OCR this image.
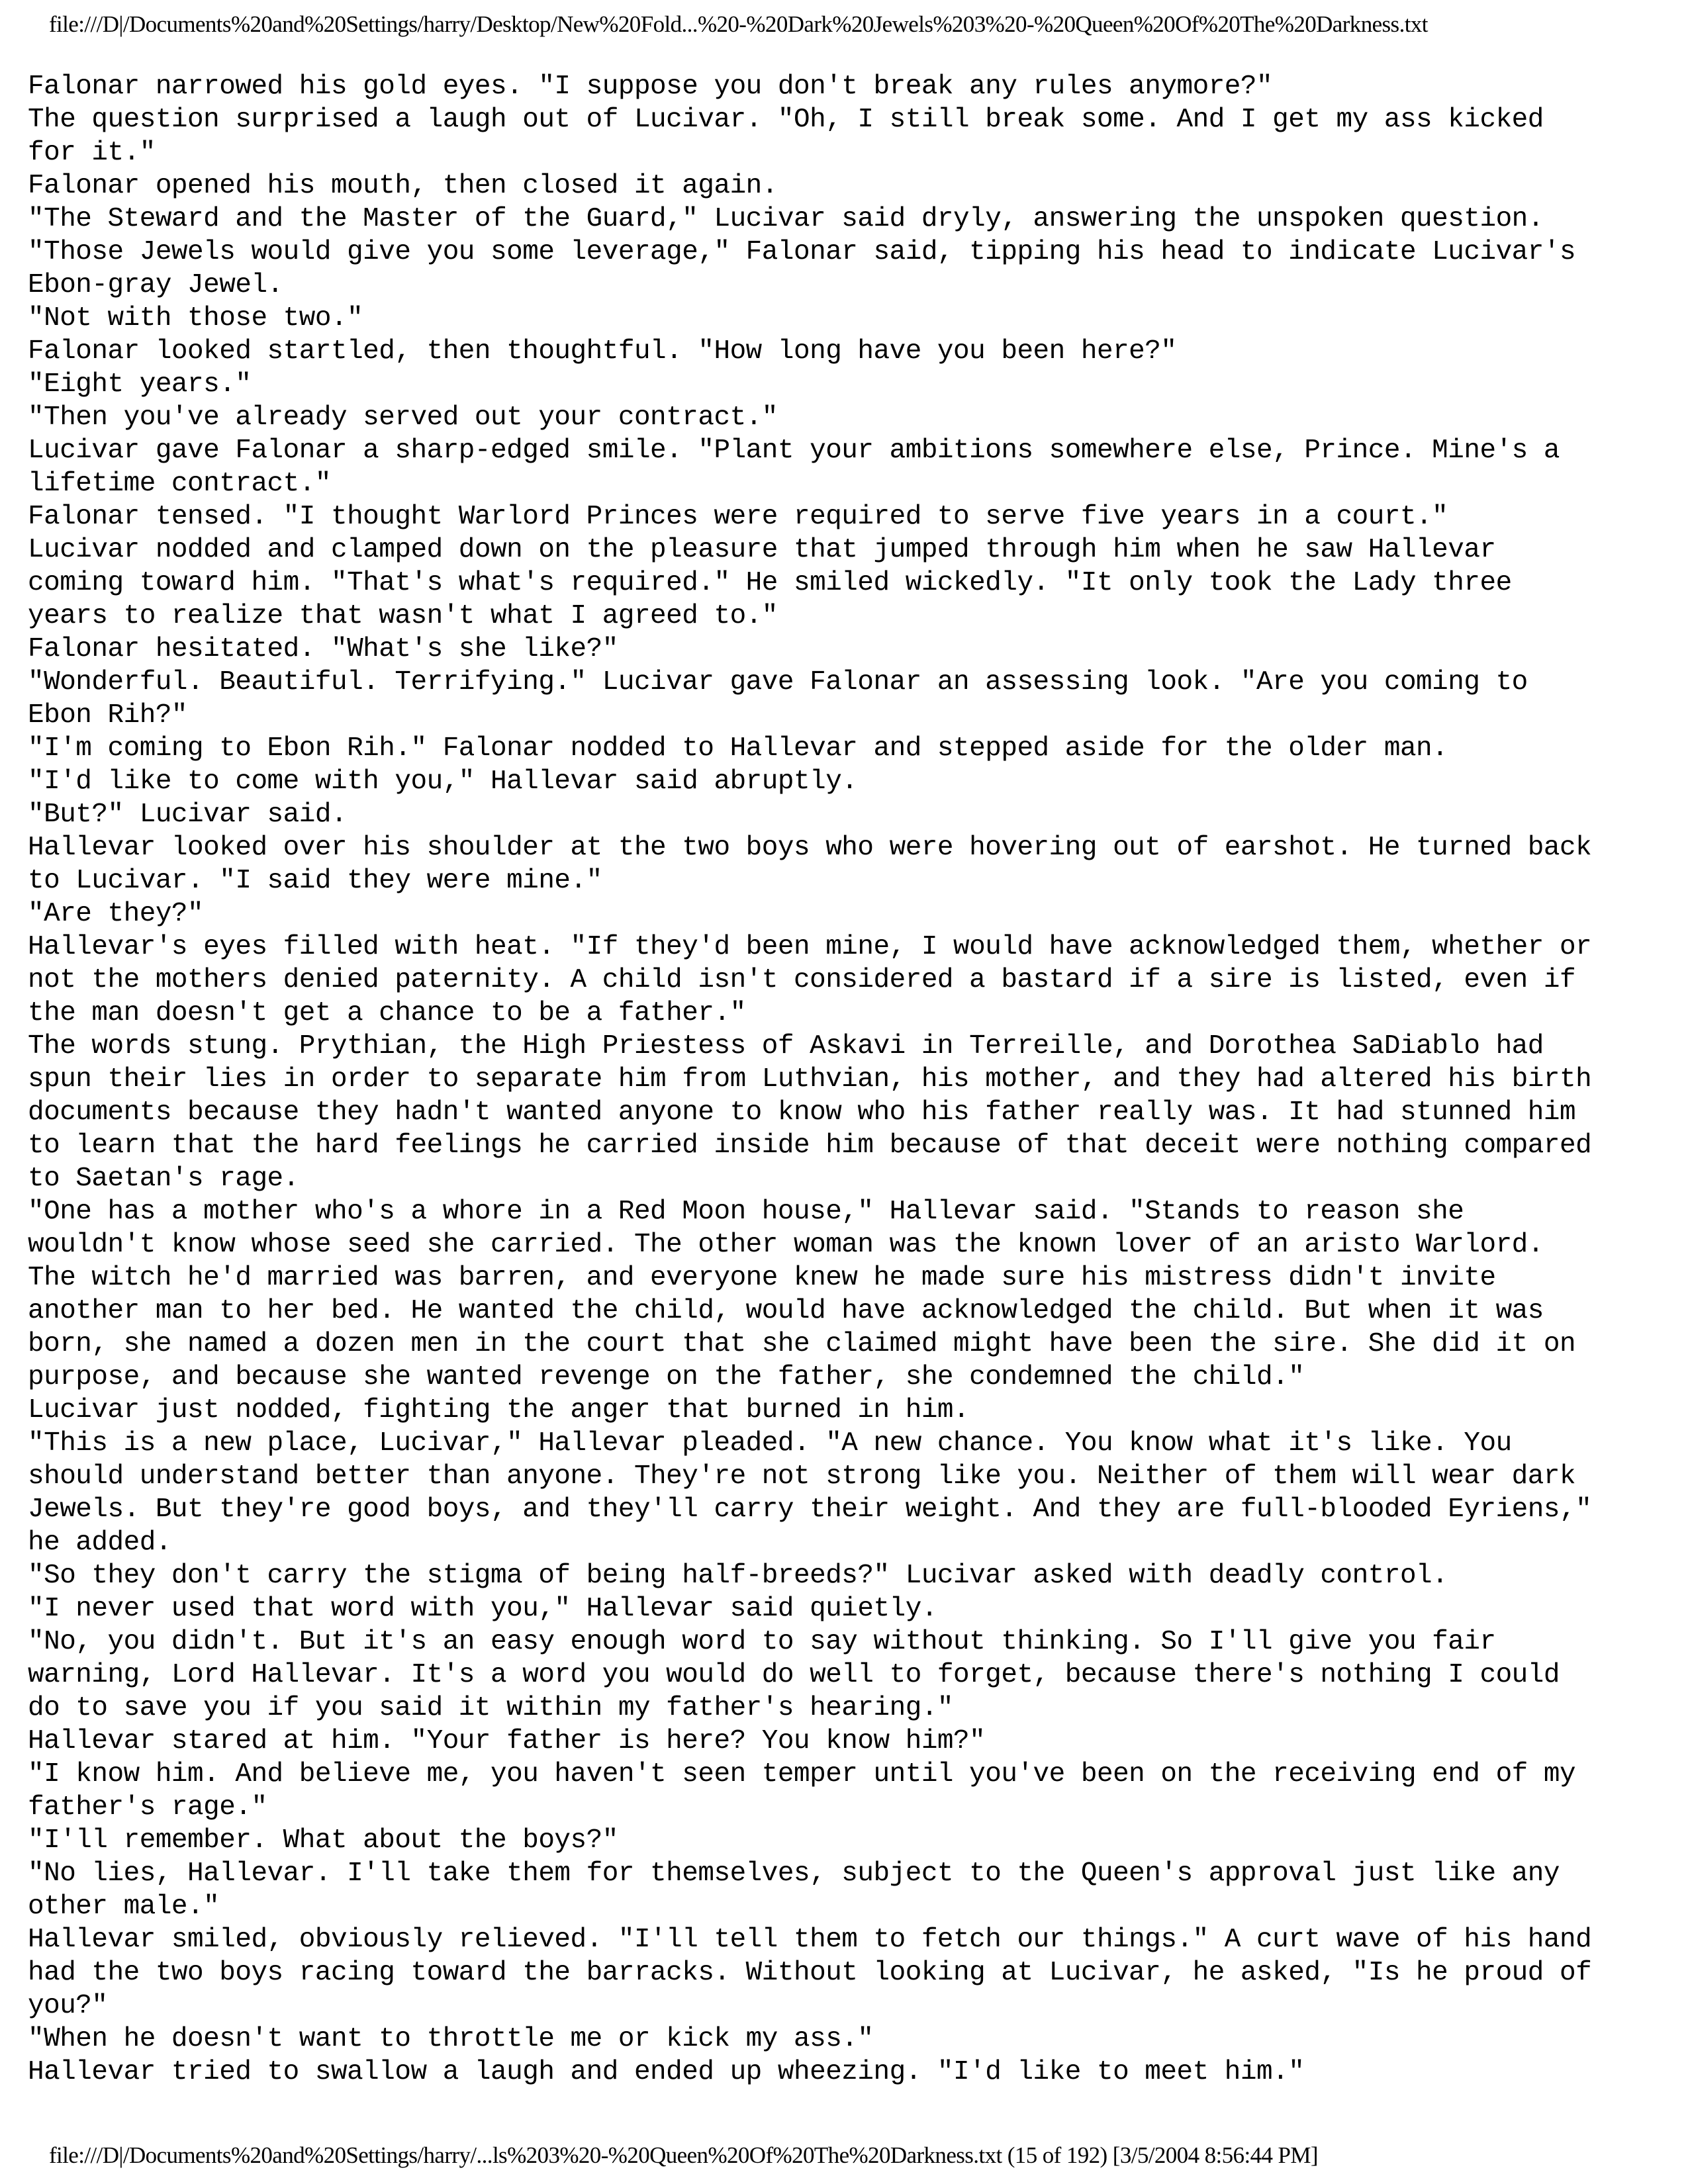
file:///D|/Documents%20and%20Settings/harry/Desktop/New%20Fold...%20-%20Dark%20Jewels%203%20-%20Queen%20Of%20The%20Darkness.txt
Falonar narrowed his gold eyes. "I suppose you don't break any rules anymore?"
The question surprised a laugh out of Lucivar. "Oh, I still break some. And I get my ass kicked
for it."
Falonar opened his mouth, then closed it again.
"The Steward and the Master of the Guard," Lucivar said dryly, answering the unspoken question.
"Those Jewels would give you some leverage," Falonar said, tipping his head to indicate Lucivar's
Ebon-gray Jewel.
"Not with those two."
Falonar looked startled, then thoughtful. "How long have you been here?"
"Eight years."
"Then you've already served out your contract."
Lucivar gave Falonar a sharp-edged smile. "Plant your ambitions somewhere else, Prince. Mine's a
lifetime contract."
Falonar tensed. "I thought Warlord Princes were required to serve five years in a court."
Lucivar nodded and clamped down on the pleasure that jumped through him when he saw Hallevar
coming toward him. "That's what's required." He smiled wickedly. "It only took the Lady three
years to realize that wasn't what I agreed to."
Falonar hesitated. "What's she like?"
"Wonderful. Beautiful. Terrifying." Lucivar gave Falonar an assessing look. "Are you coming to
Ebon Rih?"
"I'm coming to Ebon Rih." Falonar nodded to Hallevar and stepped aside for the older man.
"I'd like to come with you," Hallevar said abruptly.
"But?" Lucivar said.
Hallevar looked over his shoulder at the two boys who were hovering out of earshot. He turned back
to Lucivar. "I said they were mine."
"Are they?"
Hallevar's eyes filled with heat. "If they'd been mine, I would have acknowledged them, whether or
not the mothers denied paternity. A child isn't considered a bastard if a sire is listed, even if
the man doesn't get a chance to be a father."
The words stung. Prythian, the High Priestess of Askavi in Terreille, and Dorothea SaDiablo had
spun their lies in order to separate him from Luthvian, his mother, and they had altered his birth
documents because they hadn't wanted anyone to know who his father really was. It had stunned him
to learn that the hard feelings he carried inside him because of that deceit were nothing compared
to Saetan's rage.
"One has a mother who's a whore in a Red Moon house," Hallevar said. "Stands to reason she
wouldn't know whose seed she carried. The other woman was the known lover of an aristo Warlord.
The witch he'd married was barren, and everyone knew he made sure his mistress didn't invite
another man to her bed. He wanted the child, would have acknowledged the child. But when it was
born, she named a dozen men in the court that she claimed might have been the sire. She did it on
purpose, and because she wanted revenge on the father, she condemned the child."
Lucivar just nodded, fighting the anger that burned in him.
"This is a new place, Lucivar," Hallevar pleaded. "A new chance. You know what it's like. You
should understand better than anyone. They're not strong like you. Neither of them will wear dark
Jewels. But they're good boys, and they'll carry their weight. And they are full-blooded Eyriens,"
he added.
"So they don't carry the stigma of being half-breeds?" Lucivar asked with deadly control.
"I never used that word with you," Hallevar said quietly.
"No, you didn't. But it's an easy enough word to say without thinking. So I'll give you fair
warning, Lord Hallevar. It's a word you would do well to forget, because there's nothing I could
do to save you if you said it within my father's hearing."
Hallevar stared at him. "Your father is here? You know him?"
"I know him. And believe me, you haven't seen temper until you've been on the receiving end of my
father's rage."
"I'll remember. What about the boys?"
"No lies, Hallevar. I'll take them for themselves, subject to the Queen's approval just like any
other male."
Hallevar smiled, obviously relieved. "I'll tell them to fetch our things." A curt wave of his hand
had the two boys racing toward the barracks. Without looking at Lucivar, he asked, "Is he proud of
you?"
"When he doesn't want to throttle me or kick my ass."
Hallevar tried to swallow a laugh and ended up wheezing. "I'd like to meet him."
file:///D|/Documents%20and%20Settings/harry/...ls%203%20-%20Queen%20Of%20The%20Darkness.txt (15 of 192) [3/5/2004 8:56:44 PM]
